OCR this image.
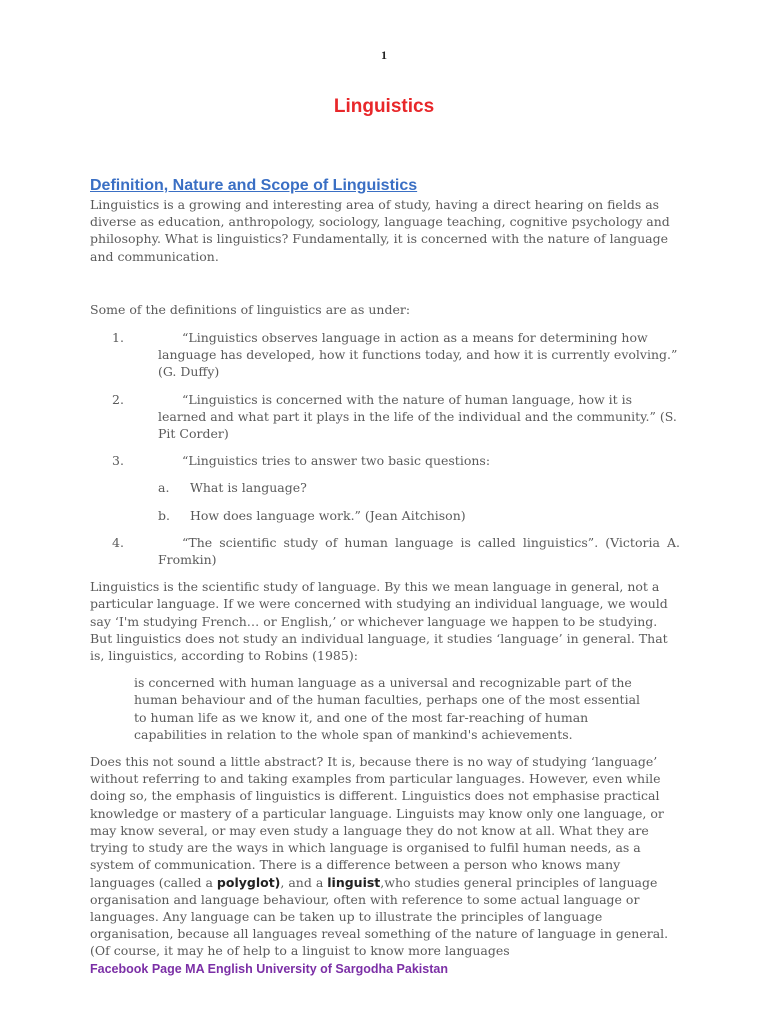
1
Linguistics
Definition, Nature and Scope of Linguistics

Linguistics is a growing and interesting area of study, having a direct hearing on fields as diverse as education, anthropology, sociology, language teaching, cognitive psychology and philosophy. What is linguistics? Fundamentally, it is concerned with the nature of language and communication.

Some of the definitions of linguistics are as under:

1.	“Linguistics observes language in action as a means for determining how language has developed, how it functions today, and how it is currently evolving.” (G. Duffy)
2.	“Linguistics is concerned with the nature of human language, how it is learned and what part it plays in the life of the individual and the community.” (S. Pit Corder)
3.	“Linguistics tries to answer two basic questions:
a.	What is language?
b.	How does language work.” (Jean Aitchison)
4.	“The scientific study of human language is called linguistics”. (Victoria A. Fromkin)

Linguistics is the scientific study of language. By this we mean language in general, not a particular language. If we were concerned with studying an individual language, we would say ‘I'm studying French… or English,’ or whichever language we happen to be studying. But linguistics does not study an individual language, it studies ‘language’ in general. That is, linguistics, according to Robins (1985):

is concerned with human language as a universal and recognizable part of the human behaviour and of the human faculties, perhaps one of the most essential to human life as we know it, and one of the most far-reaching of human capabilities in relation to the whole span of mankind's achievements.

Does this not sound a little abstract? It is, because there is no way of studying ‘language’ without referring to and taking examples from particular languages. However, even while doing so, the emphasis of linguistics is different. Linguistics does not emphasise practical knowledge or mastery of a particular language. Linguists may know only one language, or may know several, or may even study a language they do not know at all. What they are trying to study are the ways in which language is organised to fulfil human needs, as a system of communication. There is a difference between a person who knows many languages (called a polyglot), and a linguist,who studies general principles of language organisation and language behaviour, often with reference to some actual language or languages. Any language can be taken up to illustrate the principles of language organisation, because all languages reveal something of the nature of language in general. (Of course, it may he of help to a linguist to know more languages

Facebook Page MA English University of Sargodha Pakistan
